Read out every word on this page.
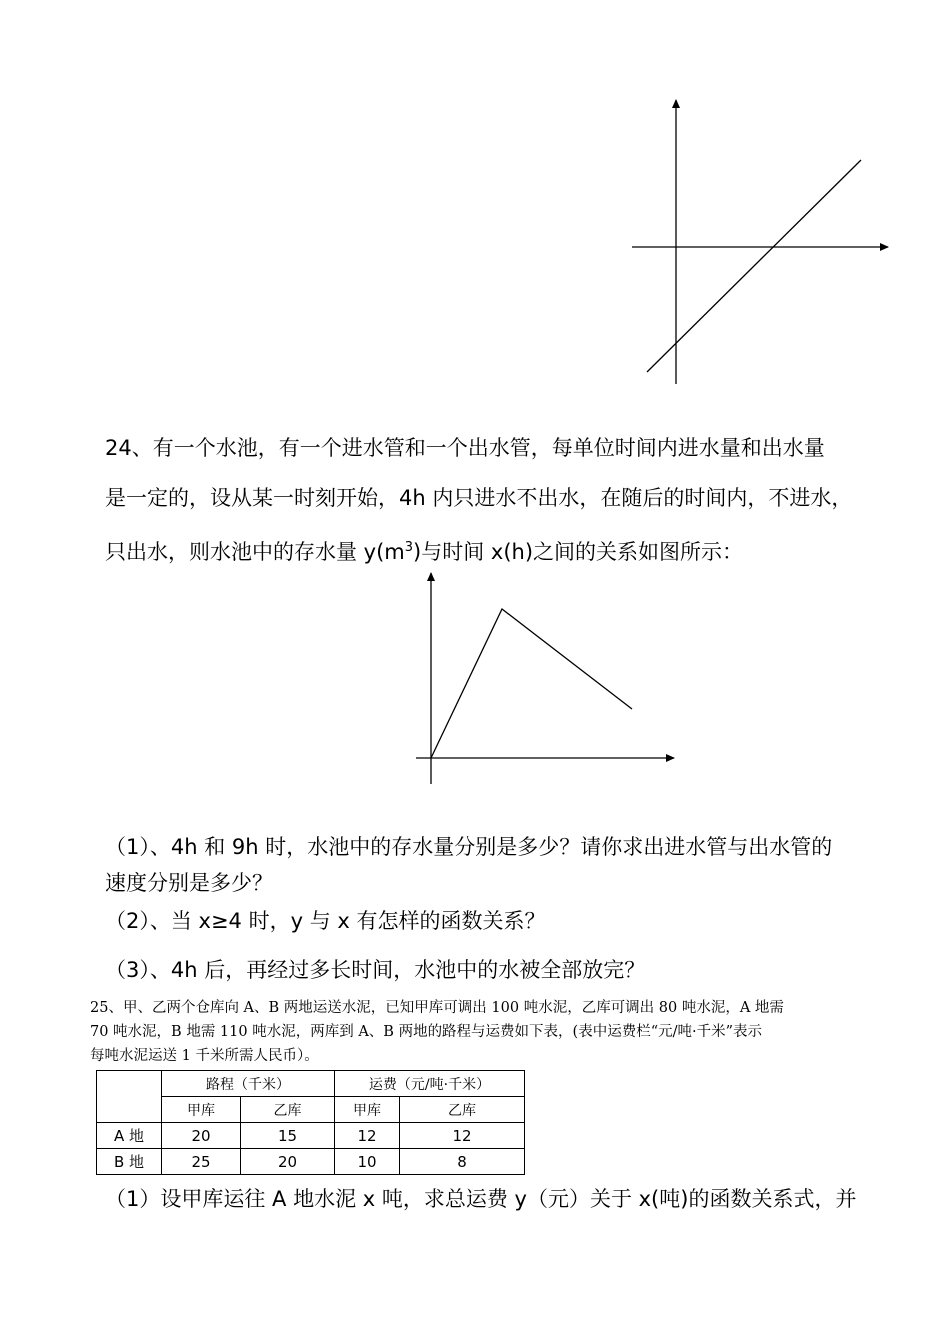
24、有一个水池，有一个进水管和一个出水管，每单位时间内进水量和出水量
是一定的，设从某一时刻开始，4h 内只进水不出水，在随后的时间内，不进水，
只出水，则水池中的存水量 $y(m^3)$与时间 x(h)之间的关系如图所示：
（1）、4h 和 9h 时，水池中的存水量分别是多少？请你求出进水管与出水管的
速度分别是多少？
（2）、当 x≥4 时，y 与 x 有怎样的函数关系？
（3）、4h 后，再经过多长时间，水池中的水被全部放完？
25、甲、乙两个仓库向 A、B 两地运送水泥，已知甲库可调出 100 吨水泥，乙库可调出 80 吨水泥，A 地需
70 吨水泥，B 地需 110 吨水泥，两库到 A、B 两地的路程与运费如下表，(表中运费栏“元/吨·千米”表示
每吨水泥运送 1 千米所需人民币）。
	路程（千米）		运费（元/吨·千米）	
	甲库	乙库	甲库	乙库
A 地	20	15	12	12
B 地	25	20	10	8
（1）设甲库运往 A 地水泥 x 吨，求总运费 y（元）关于 x(吨)的函数关系式，并
